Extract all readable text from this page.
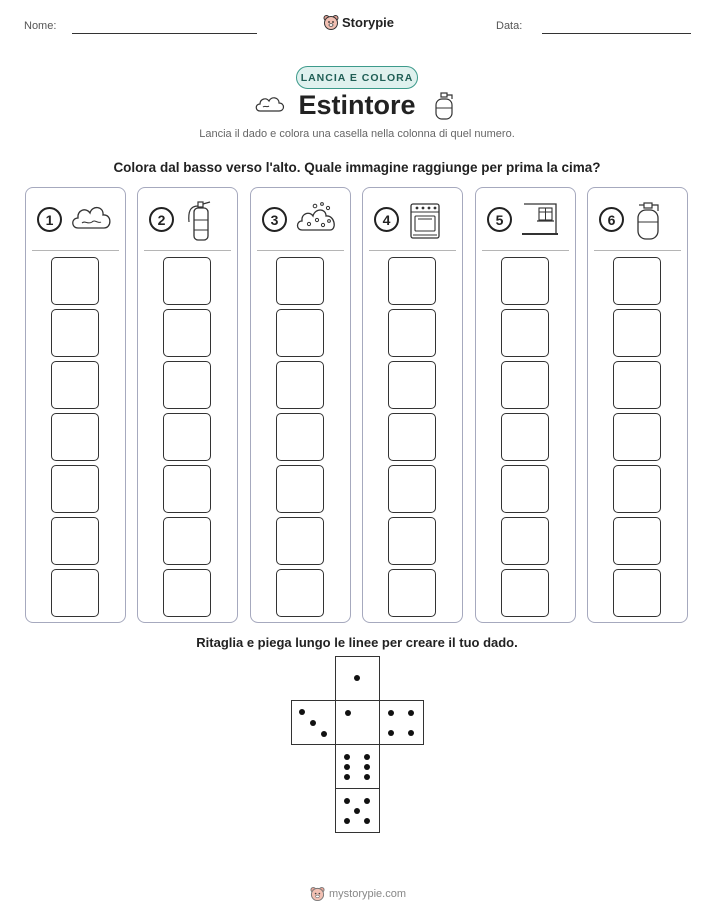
Nome:	Storypie	Data:
LANCIA E COLORA
Estintore
Lancia il dado e colora una casella nella colonna di quel numero.
Colora dal basso verso l'alto. Quale immagine raggiunge per prima la cima?
1	2	3	4	5	6
Ritaglia e piega lungo le linee per creare il tuo dado.
mystorypie.com
